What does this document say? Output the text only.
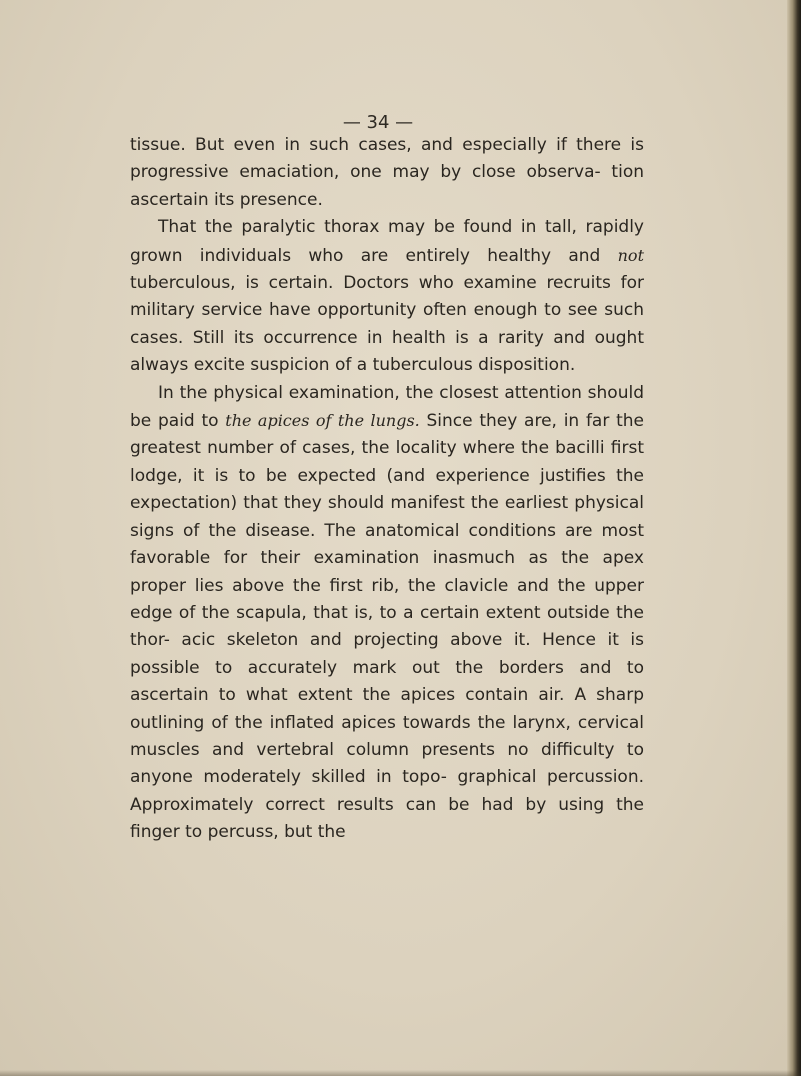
— 34 —

tissue. But even in such cases, and especially if there is progressive emaciation, one may by close observa- tion ascertain its presence.

That the paralytic thorax may be found in tall, rapidly grown individuals who are entirely healthy and not tuberculous, is certain. Doctors who examine recruits for military service have opportunity often enough to see such cases. Still its occurrence in health is a rarity and ought always excite suspicion of a tuberculous disposition.

In the physical examination, the closest attention should be paid to the apices of the lungs. Since they are, in far the greatest number of cases, the locality where the bacilli first lodge, it is to be expected (and experience justifies the expectation) that they should manifest the earliest physical signs of the disease. The anatomical conditions are most favorable for their examination inasmuch as the apex proper lies above the first rib, the clavicle and the upper edge of the scapula, that is, to a certain extent outside the thor- acic skeleton and projecting above it. Hence it is possible to accurately mark out the borders and to ascertain to what extent the apices contain air. A sharp outlining of the inflated apices towards the larynx, cervical muscles and vertebral column presents no difficulty to anyone moderately skilled in topo- graphical percussion. Approximately correct results can be had by using the finger to percuss, but the
